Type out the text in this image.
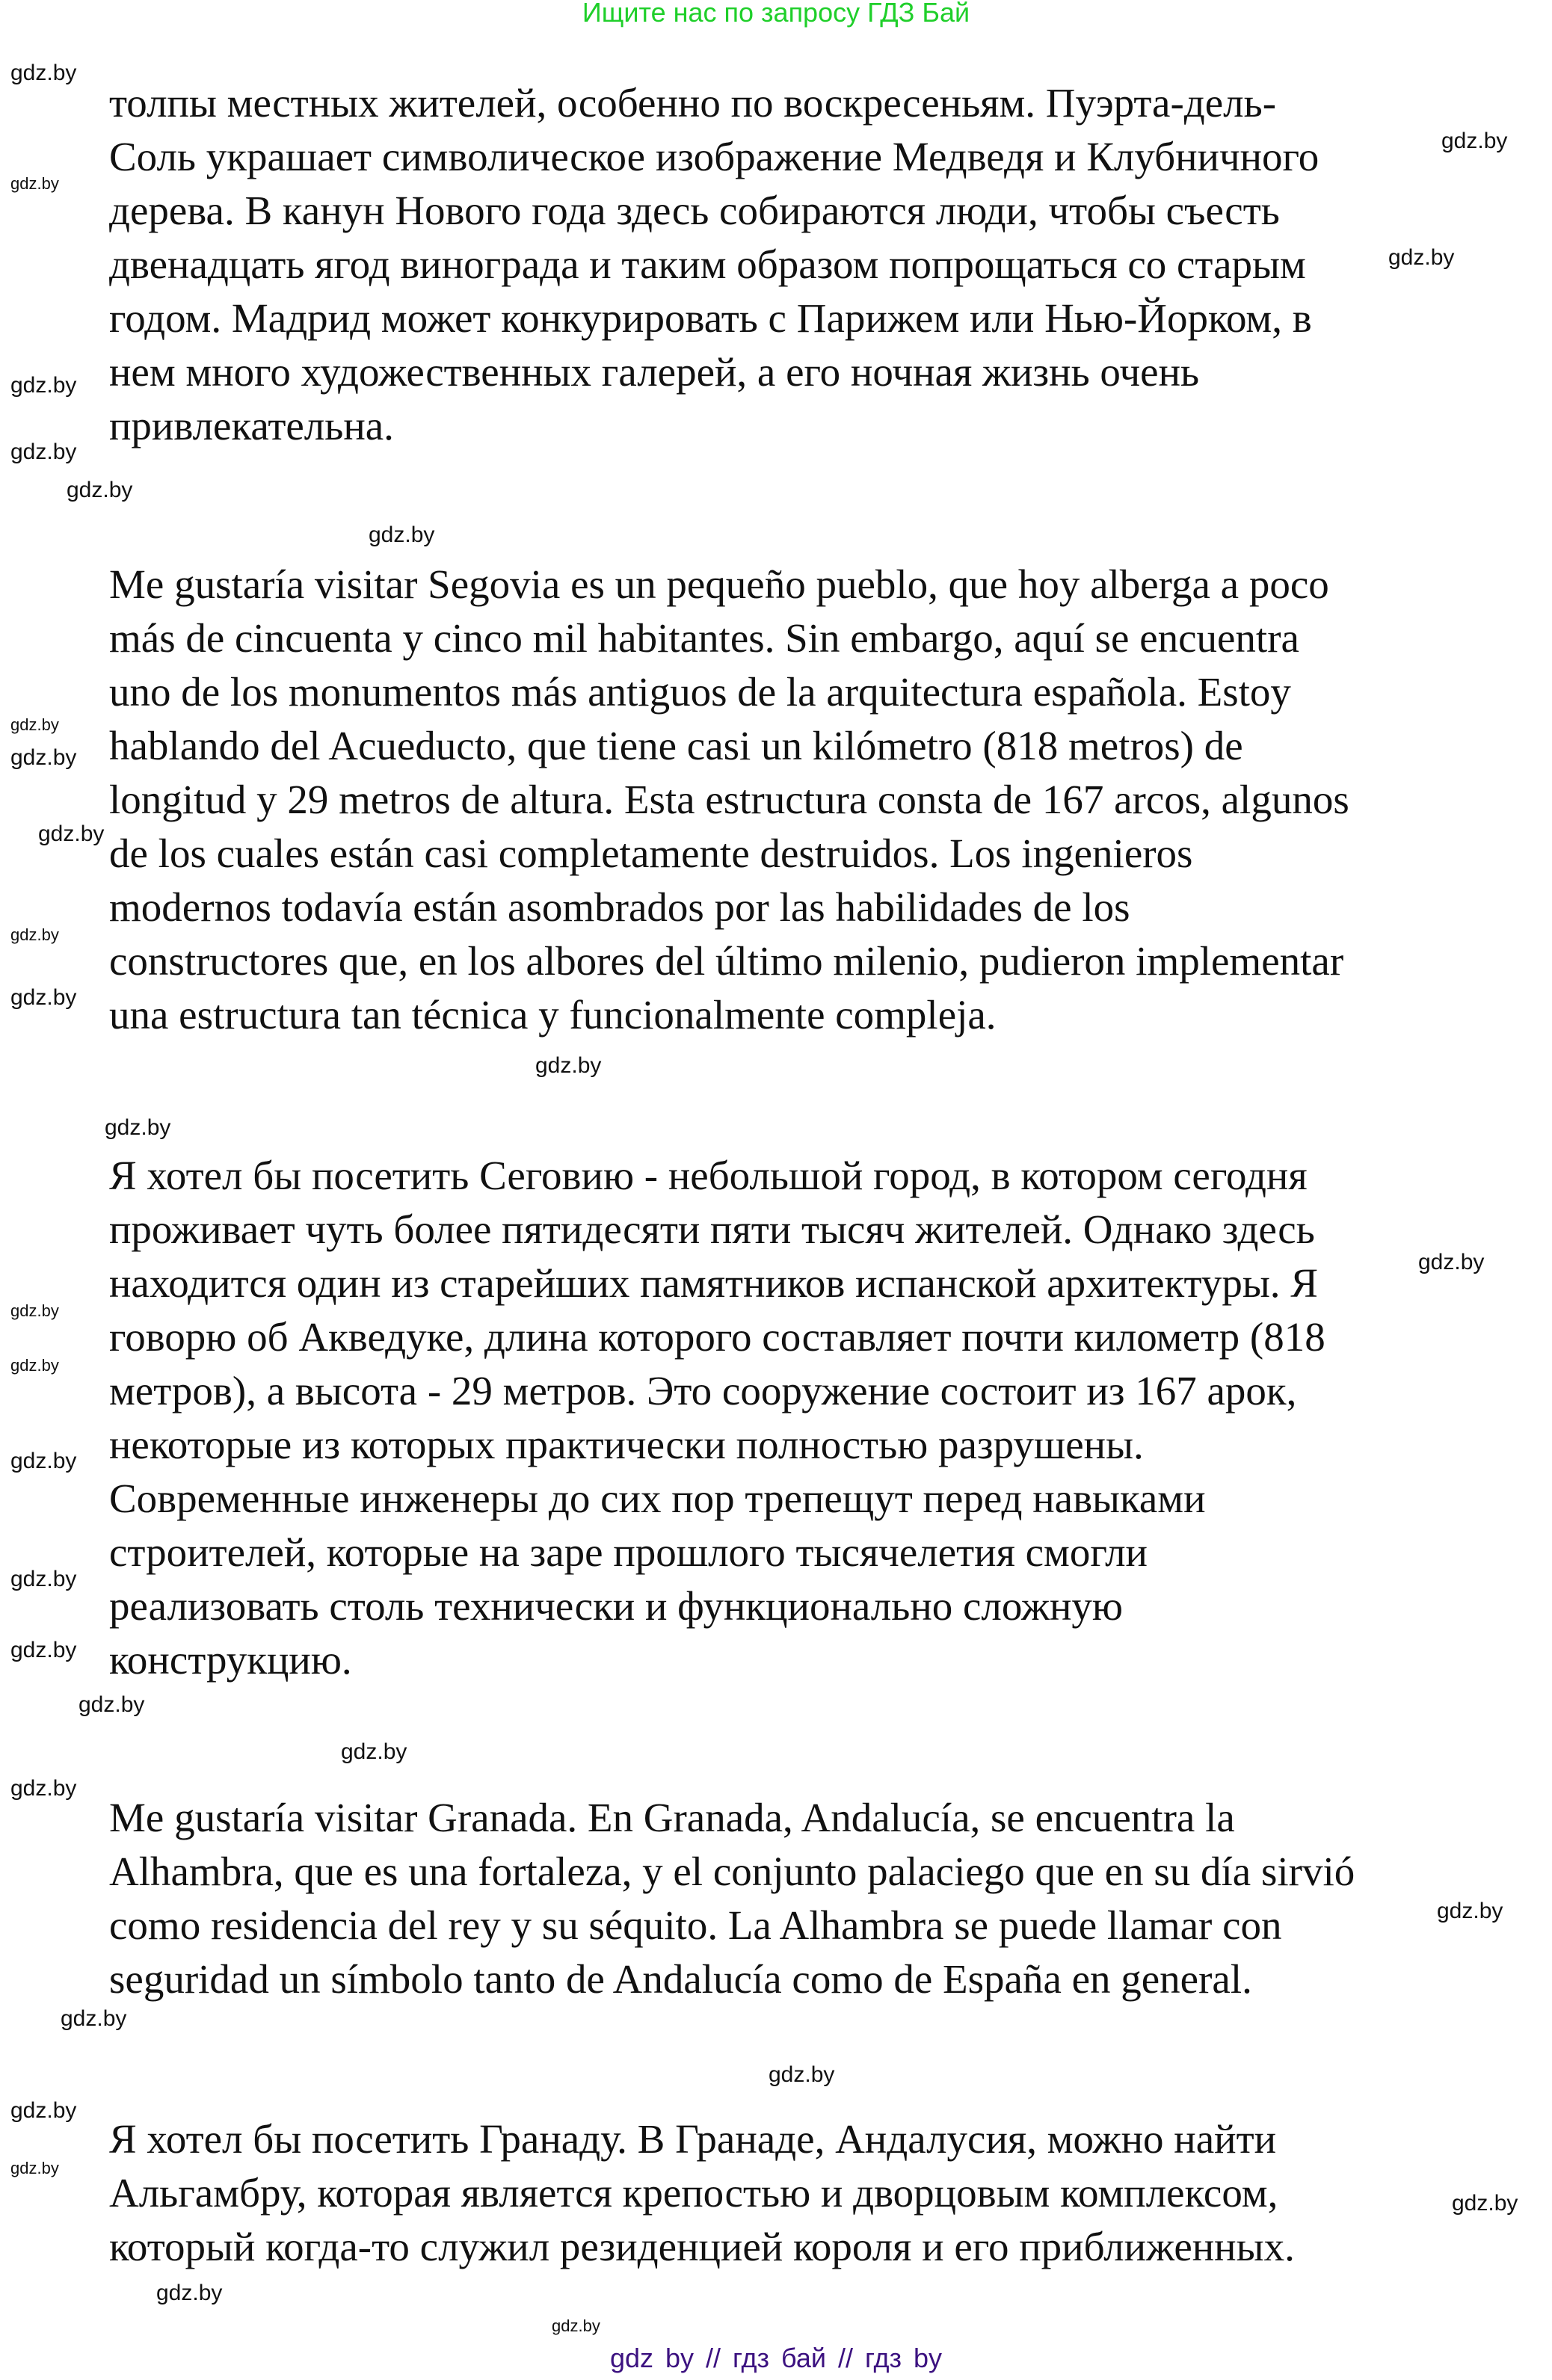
Ищите нас по запросу ГДЗ Бай
толпы местных жителей, особенно по воскресеньям. Пуэрта-дель-
Соль украшает символическое изображение Медведя и Клубничного
дерева. В канун Нового года здесь собираются люди, чтобы съесть
двенадцать ягод винограда и таким образом попрощаться со старым
годом. Мадрид может конкурировать с Парижем или Нью-Йорком, в
нем много художественных галерей, а его ночная жизнь очень
привлекательна.
Me gustaría visitar Segovia es un pequeño pueblo, que hoy alberga a poco
más de cincuenta y cinco mil habitantes. Sin embargo, aquí se encuentra
uno de los monumentos más antiguos de la arquitectura española. Estoy
hablando del Acueducto, que tiene casi un kilómetro (818 metros) de
longitud y 29 metros de altura. Esta estructura consta de 167 arcos, algunos
de los cuales están casi completamente destruidos. Los ingenieros
modernos todavía están asombrados por las habilidades de los
constructores que, en los albores del último milenio, pudieron implementar
una estructura tan técnica y funcionalmente compleja.
Я хотел бы посетить Сеговию - небольшой город, в котором сегодня
проживает чуть более пятидесяти пяти тысяч жителей. Однако здесь
находится один из старейших памятников испанской архитектуры. Я
говорю об Акведуке, длина которого составляет почти километр (818
метров), а высота - 29 метров. Это сооружение состоит из 167 арок,
некоторые из которых практически полностью разрушены.
Современные инженеры до сих пор трепещут перед навыками
строителей, которые на заре прошлого тысячелетия смогли
реализовать столь технически и функционально сложную
конструкцию.
Me gustaría visitar Granada. En Granada, Andalucía, se encuentra la
Alhambra, que es una fortaleza, y el conjunto palaciego que en su día sirvió
como residencia del rey y su séquito. La Alhambra se puede llamar con
seguridad un símbolo tanto de Andalucía como de España en general.
Я хотел бы посетить Гранаду. В Гранаде, Андалусия, можно найти
Альгамбру, которая является крепостью и дворцовым комплексом,
который когда-то служил резиденцией короля и его приближенных.
gdz.by
gdz.by
gdz.by
gdz.by
gdz.by
gdz.by
gdz.by
gdz.by
gdz.by
gdz.by
gdz.by
gdz.by
gdz.by
gdz.by
gdz.by
gdz.by
gdz.by
gdz.by
gdz.by
gdz.by
gdz.by
gdz.by
gdz.by
gdz.by
gdz.by
gdz.by
gdz.by
gdz.by
gdz.by
gdz.by
gdz.by
gdz.by
gdz by // гдз бай // гдз by
